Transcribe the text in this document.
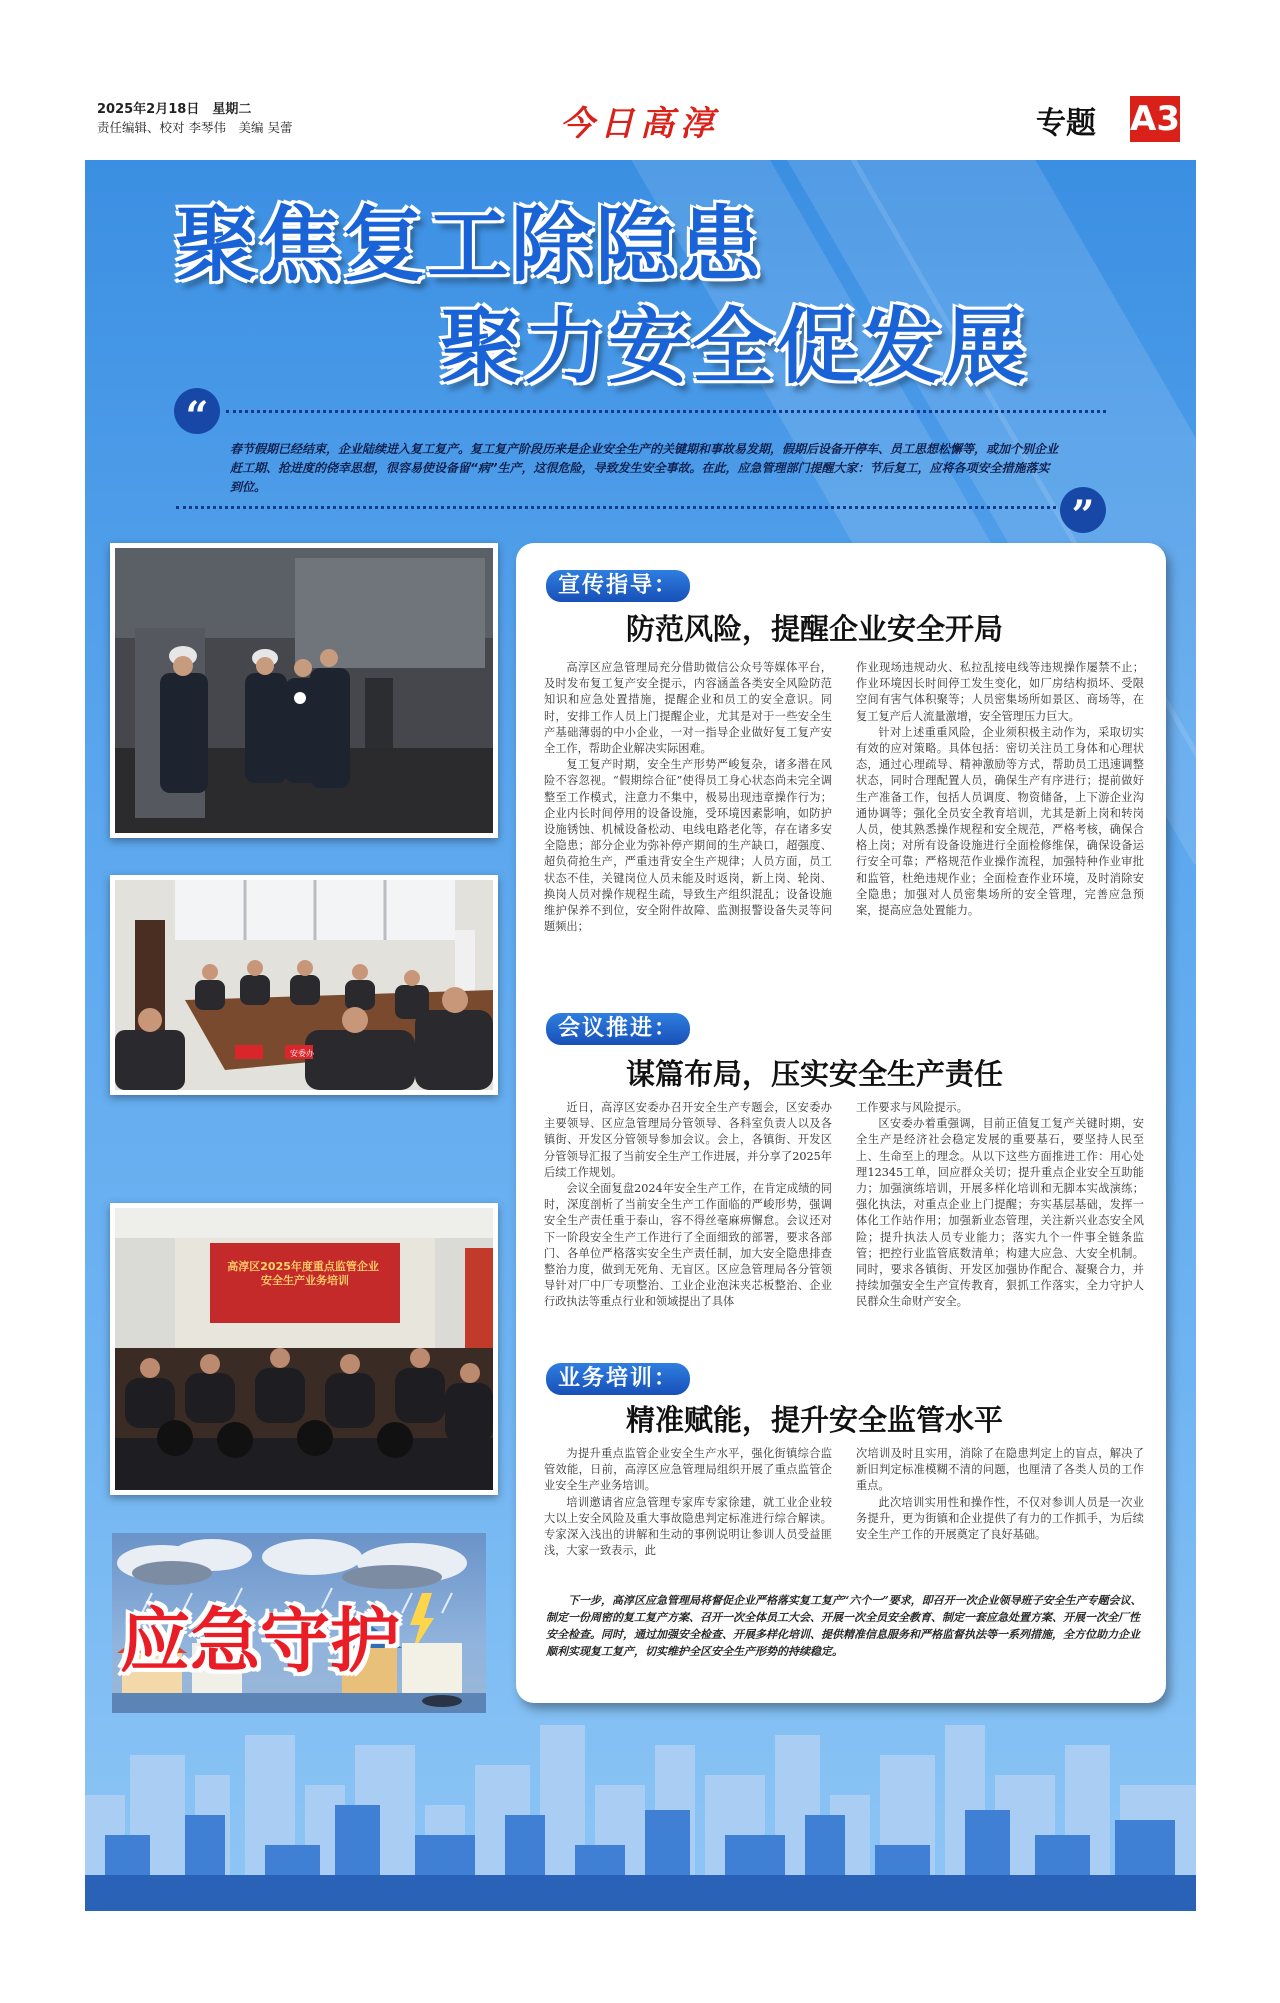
2025年2月18日　星期二
责任编辑、校对 李琴伟　美编 吴蕾	今日高淳	专题 A3
聚焦复工除隐患
聚力安全促发展
“
春节假期已经结束，企业陆续进入复工复产。复工复产阶段历来是企业安全生产的关键期和事故易发期，假期后设备开停车、员工思想松懈等，或加个别企业赶工期、抢进度的侥幸思想，很容易使设备留“病”生产，这很危险，导致发生安全事故。在此，应急管理部门提醒大家：节后复工，应将各项安全措施落实到位。
”
安委办
高淳区2025年度重点监管企业 安全生产业务培训
应急守护
宣传指导：
防范风险，提醒企业安全开局

高淳区应急管理局充分借助微信公众号等媒体平台，及时发布复工复产安全提示，内容涵盖各类安全风险防范知识和应急处置措施，提醒企业和员工的安全意识。同时，安排工作人员上门提醒企业，尤其是对于一些安全生产基础薄弱的中小企业，一对一指导企业做好复工复产安全工作，帮助企业解决实际困难。

复工复产时期，安全生产形势严峻复杂，诸多潜在风险不容忽视。“假期综合征”使得员工身心状态尚未完全调整至工作模式，注意力不集中，极易出现违章操作行为；企业内长时间停用的设备设施，受环境因素影响，如防护设施锈蚀、机械设备松动、电线电路老化等，存在诸多安全隐患；部分企业为弥补停产期间的生产缺口，超强度、超负荷抢生产，严重违背安全生产规律；人员方面，员工状态不佳，关键岗位人员未能及时返岗，新上岗、轮岗、换岗人员对操作规程生疏，导致生产组织混乱；设备设施维护保养不到位，安全附件故障、监测报警设备失灵等问题频出；

作业现场违规动火、私拉乱接电线等违规操作屡禁不止；作业环境因长时间停工发生变化，如厂房结构损坏、受限空间有害气体积聚等；人员密集场所如景区、商场等，在复工复产后人流量激增，安全管理压力巨大。

针对上述重重风险，企业须积极主动作为，采取切实有效的应对策略。具体包括：密切关注员工身体和心理状态，通过心理疏导、精神激励等方式，帮助员工迅速调整状态，同时合理配置人员，确保生产有序进行；提前做好生产准备工作，包括人员调度、物资储备，上下游企业沟通协调等；强化全员安全教育培训，尤其是新上岗和转岗人员，使其熟悉操作规程和安全规范，严格考核，确保合格上岗；对所有设备设施进行全面检修维保，确保设备运行安全可靠；严格规范作业操作流程，加强特种作业审批和监管，杜绝违规作业；全面检查作业环境，及时消除安全隐患；加强对人员密集场所的安全管理，完善应急预案，提高应急处置能力。

会议推进：
谋篇布局，压实安全生产责任

近日，高淳区安委办召开安全生产专题会，区安委办主要领导、区应急管理局分管领导、各科室负责人以及各镇街、开发区分管领导参加会议。会上，各镇街、开发区分管领导汇报了当前安全生产工作进展，并分享了2025年后续工作规划。

会议全面复盘2024年安全生产工作，在肯定成绩的同时，深度剖析了当前安全生产工作面临的严峻形势，强调安全生产责任重于泰山，容不得丝毫麻痹懈怠。会议还对下一阶段安全生产工作进行了全面细致的部署，要求各部门、各单位严格落实安全生产责任制，加大安全隐患排查整治力度，做到无死角、无盲区。区应急管理局各分管领导针对厂中厂专项整治、工业企业泡沫夹芯板整治、企业行政执法等重点行业和领域提出了具体

工作要求与风险提示。

区安委办着重强调，目前正值复工复产关键时期，安全生产是经济社会稳定发展的重要基石，要坚持人民至上、生命至上的理念。从以下这些方面推进工作：用心处理12345工单，回应群众关切；提升重点企业安全互助能力；加强演练培训，开展多样化培训和无脚本实战演练；强化执法，对重点企业上门提醒；夯实基层基础，发挥一体化工作站作用；加强新业态管理，关注新兴业态安全风险；提升执法人员专业能力；落实九个一件事全链条监管；把控行业监管底数清单；构建大应急、大安全机制。同时，要求各镇街、开发区加强协作配合、凝聚合力，并持续加强安全生产宣传教育，狠抓工作落实，全力守护人民群众生命财产安全。

业务培训：
精准赋能，提升安全监管水平

为提升重点监管企业安全生产水平，强化街镇综合监管效能，日前，高淳区应急管理局组织开展了重点监管企业安全生产业务培训。

培训邀请省应急管理专家库专家徐建，就工业企业较大以上安全风险及重大事故隐患判定标准进行综合解读。专家深入浅出的讲解和生动的事例说明让参训人员受益匪浅，大家一致表示，此

次培训及时且实用，消除了在隐患判定上的盲点，解决了新旧判定标准模糊不清的问题，也厘清了各类人员的工作重点。

此次培训实用性和操作性，不仅对参训人员是一次业务提升，更为街镇和企业提供了有力的工作抓手，为后续安全生产工作的开展奠定了良好基础。

下一步，高淳区应急管理局将督促企业严格落实复工复产“六个一”要求，即召开一次企业领导班子安全生产专题会议、制定一份周密的复工复产方案、召开一次全体员工大会、开展一次全员安全教育、制定一套应急处置方案、开展一次全厂性安全检查。同时，通过加强安全检查、开展多样化培训、提供精准信息服务和严格监督执法等一系列措施，全方位助力企业顺利实现复工复产，切实维护全区安全生产形势的持续稳定。
